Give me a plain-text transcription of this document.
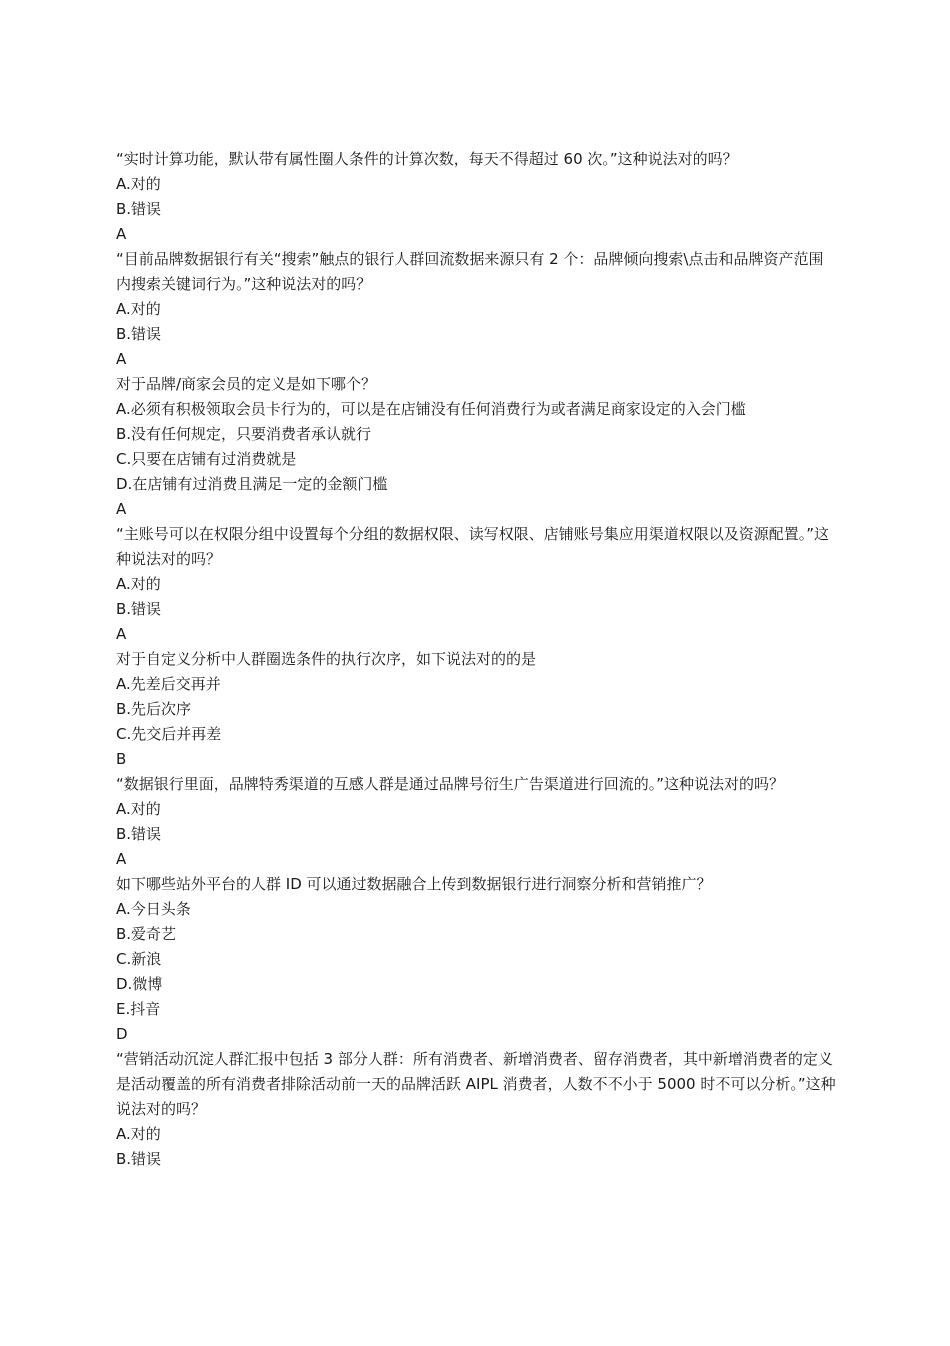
“实时计算功能，默认带有属性圈人条件的计算次数，每天不得超过 60 次。”这种说法对的吗？
A.对的
B.错误
A
“目前品牌数据银行有关“搜索”触点的银行人群回流数据来源只有 2 个：品牌倾向搜索\点击和品牌资产范围内搜索关键词行为。”这种说法对的吗？
A.对的
B.错误
A
对于品牌/商家会员的定义是如下哪个？
A.必须有积极领取会员卡行为的，可以是在店铺没有任何消费行为或者满足商家设定的入会门槛
B.没有任何规定，只要消费者承认就行
C.只要在店铺有过消费就是
D.在店铺有过消费且满足一定的金额门槛
A
“主账号可以在权限分组中设置每个分组的数据权限、读写权限、店铺账号集应用渠道权限以及资源配置。”这种说法对的吗？
A.对的
B.错误
A
对于自定义分析中人群圈选条件的执行次序，如下说法对的的是
A.先差后交再并
B.先后次序
C.先交后并再差
B
“数据银行里面，品牌特秀渠道的互感人群是通过品牌号衍生广告渠道进行回流的。”这种说法对的吗？
A.对的
B.错误
A
如下哪些站外平台的人群 ID 可以通过数据融合上传到数据银行进行洞察分析和营销推广？
A.今日头条
B.爱奇艺
C.新浪
D.微博
E.抖音
D
“营销活动沉淀人群汇报中包括 3 部分人群：所有消费者、新增消费者、留存消费者，其中新增消费者的定义是活动覆盖的所有消费者排除活动前一天的品牌活跃 AIPL 消费者，人数不不小于 5000 时不可以分析。”这种说法对的吗？
A.对的
B.错误
